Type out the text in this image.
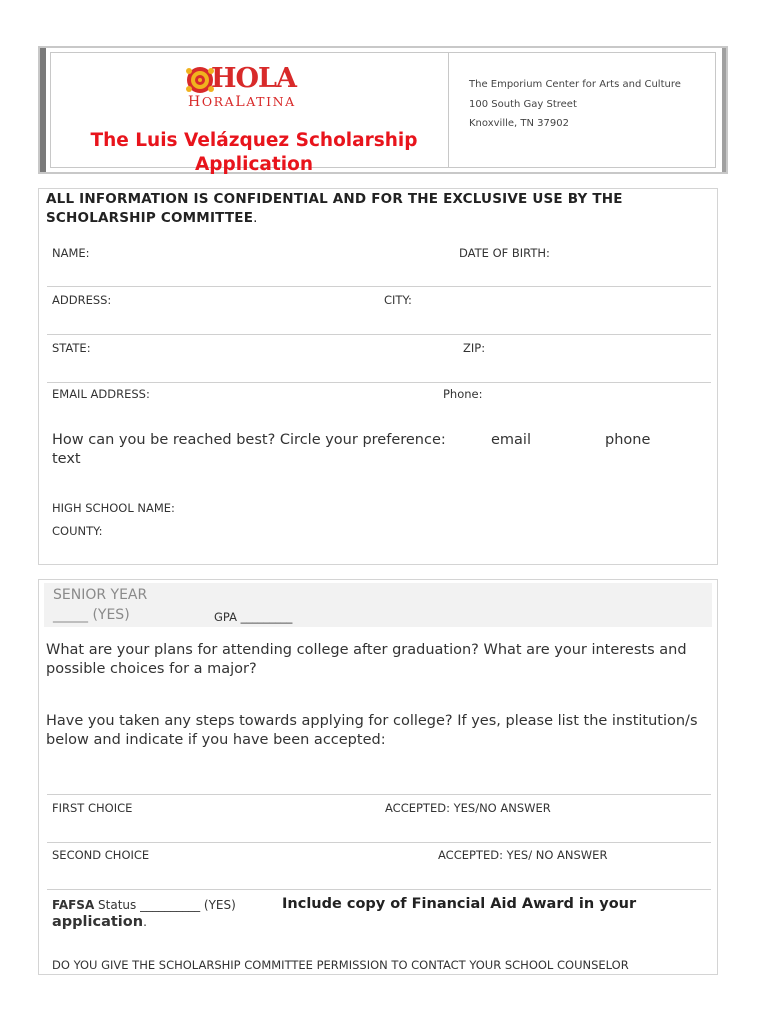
HOLA
HORALATINA
The Luis Velázquez Scholarship Application
The Emporium Center for Arts and Culture
100 South Gay Street
Knoxville, TN 37902
ALL INFORMATION IS CONFIDENTIAL AND FOR THE EXCLUSIVE USE BY THE SCHOLARSHIP COMMITTEE.
NAME:	DATE OF BIRTH:
ADDRESS:	CITY:
STATE:	ZIP:
EMAIL ADDRESS:	Phone:
How can you be reached best? Circle your preference:	email	phone
text
HIGH SCHOOL NAME:
COUNTY:
SENIOR YEAR
_____ (YES)	GPA _________
What are your plans for attending college after graduation? What are your interests and possible choices for a major?
Have you taken any steps towards applying for college? If yes, please list the institution/s below and indicate if you have been accepted:
FIRST CHOICE	ACCEPTED: YES/NO ANSWER
SECOND CHOICE	ACCEPTED: YES/ NO ANSWER
FAFSA Status __________ (YES)
application.
Include copy of Financial Aid Award in your
DO YOU GIVE THE SCHOLARSHIP COMMITTEE PERMISSION TO CONTACT YOUR SCHOOL COUNSELOR
